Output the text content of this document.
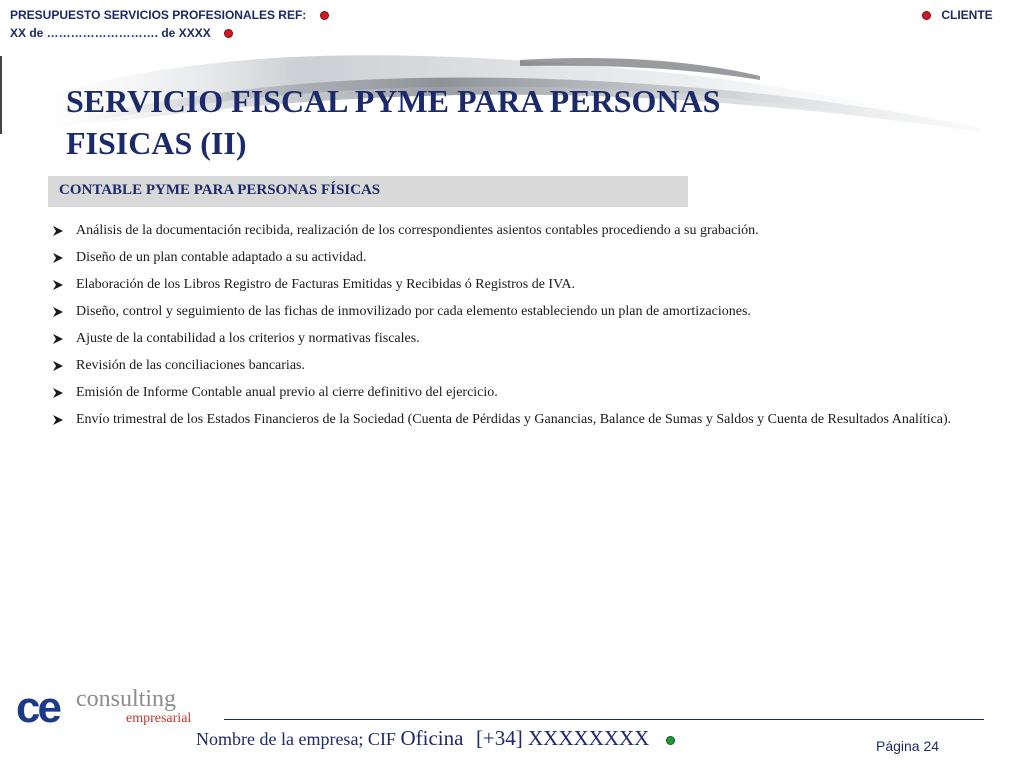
PRESUPUESTO SERVICIOS PROFESIONALES REF:
XX de ………………………. de XXXX
CLIENTE
SERVICIO FISCAL PYME PARA PERSONAS FISICAS (II)
CONTABLE PYME PARA PERSONAS FÍSICAS
Análisis de la documentación recibida, realización de los correspondientes asientos contables procediendo a su grabación.
Diseño de un plan contable adaptado a su actividad.
Elaboración de los Libros Registro de Facturas Emitidas y Recibidas ó Registros de IVA.
Diseño, control y seguimiento de las fichas de inmovilizado por cada elemento estableciendo un plan de amortizaciones.
Ajuste de la contabilidad a los criterios y normativas fiscales.
Revisión de las conciliaciones bancarias.
Emisión de Informe Contable anual previo al cierre definitivo del ejercicio.
Envío trimestral de los Estados Financieros de la Sociedad (Cuenta de Pérdidas y Ganancias, Balance de Sumas y Saldos y Cuenta de Resultados Analítica).
ce consulting
empresarial
Nombre de la empresa; CIF Oficina [+34] XXXXXXXX	Página 24
